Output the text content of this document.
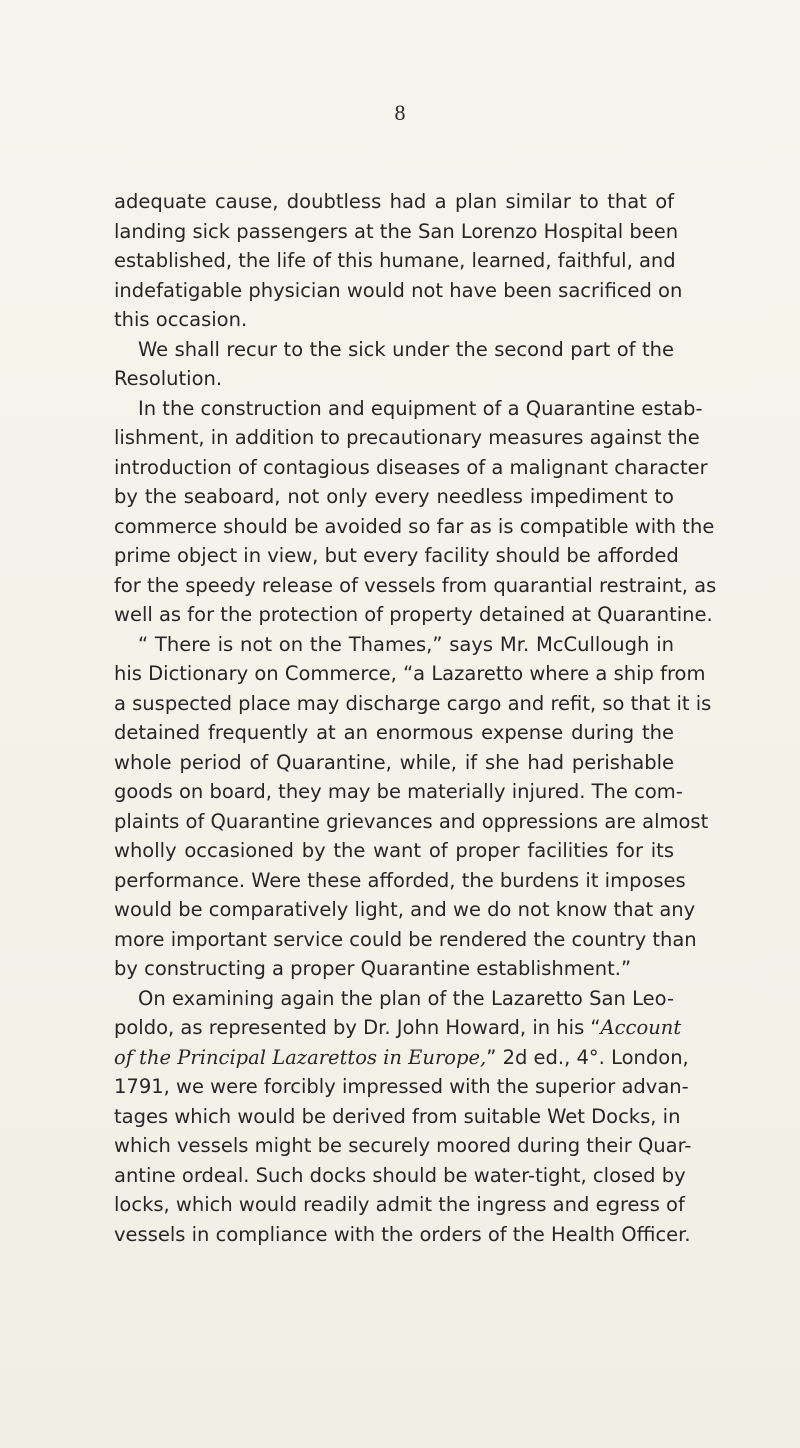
8
adequate cause, doubtless had a plan similar to that of
landing sick passengers at the San Lorenzo Hospital been
established, the life of this humane, learned, faithful, and
indefatigable physician would not have been sacrificed on
this occasion.
We shall recur to the sick under the second part of the
Resolution.
In the construction and equipment of a Quarantine estab-
lishment, in addition to precautionary measures against the
introduction of contagious diseases of a malignant character
by the seaboard, not only every needless impediment to
commerce should be avoided so far as is compatible with the
prime object in view, but every facility should be afforded
for the speedy release of vessels from quarantial restraint, as
well as for the protection of property detained at Quarantine.
“ There is not on the Thames,” says Mr. McCullough in
his Dictionary on Commerce, “a Lazaretto where a ship from
a suspected place may discharge cargo and refit, so that it is
detained frequently at an enormous expense during the
whole period of Quarantine, while, if she had perishable
goods on board, they may be materially injured. The com-
plaints of Quarantine grievances and oppressions are almost
wholly occasioned by the want of proper facilities for its
performance. Were these afforded, the burdens it imposes
would be comparatively light, and we do not know that any
more important service could be rendered the country than
by constructing a proper Quarantine establishment.”
On examining again the plan of the Lazaretto San Leo-
poldo, as represented by Dr. John Howard, in his “Account
of the Principal Lazarettos in Europe,” 2d ed., 4°. London,
1791, we were forcibly impressed with the superior advan-
tages which would be derived from suitable Wet Docks, in
which vessels might be securely moored during their Quar-
antine ordeal. Such docks should be water-tight, closed by
locks, which would readily admit the ingress and egress of
vessels in compliance with the orders of the Health Officer.
